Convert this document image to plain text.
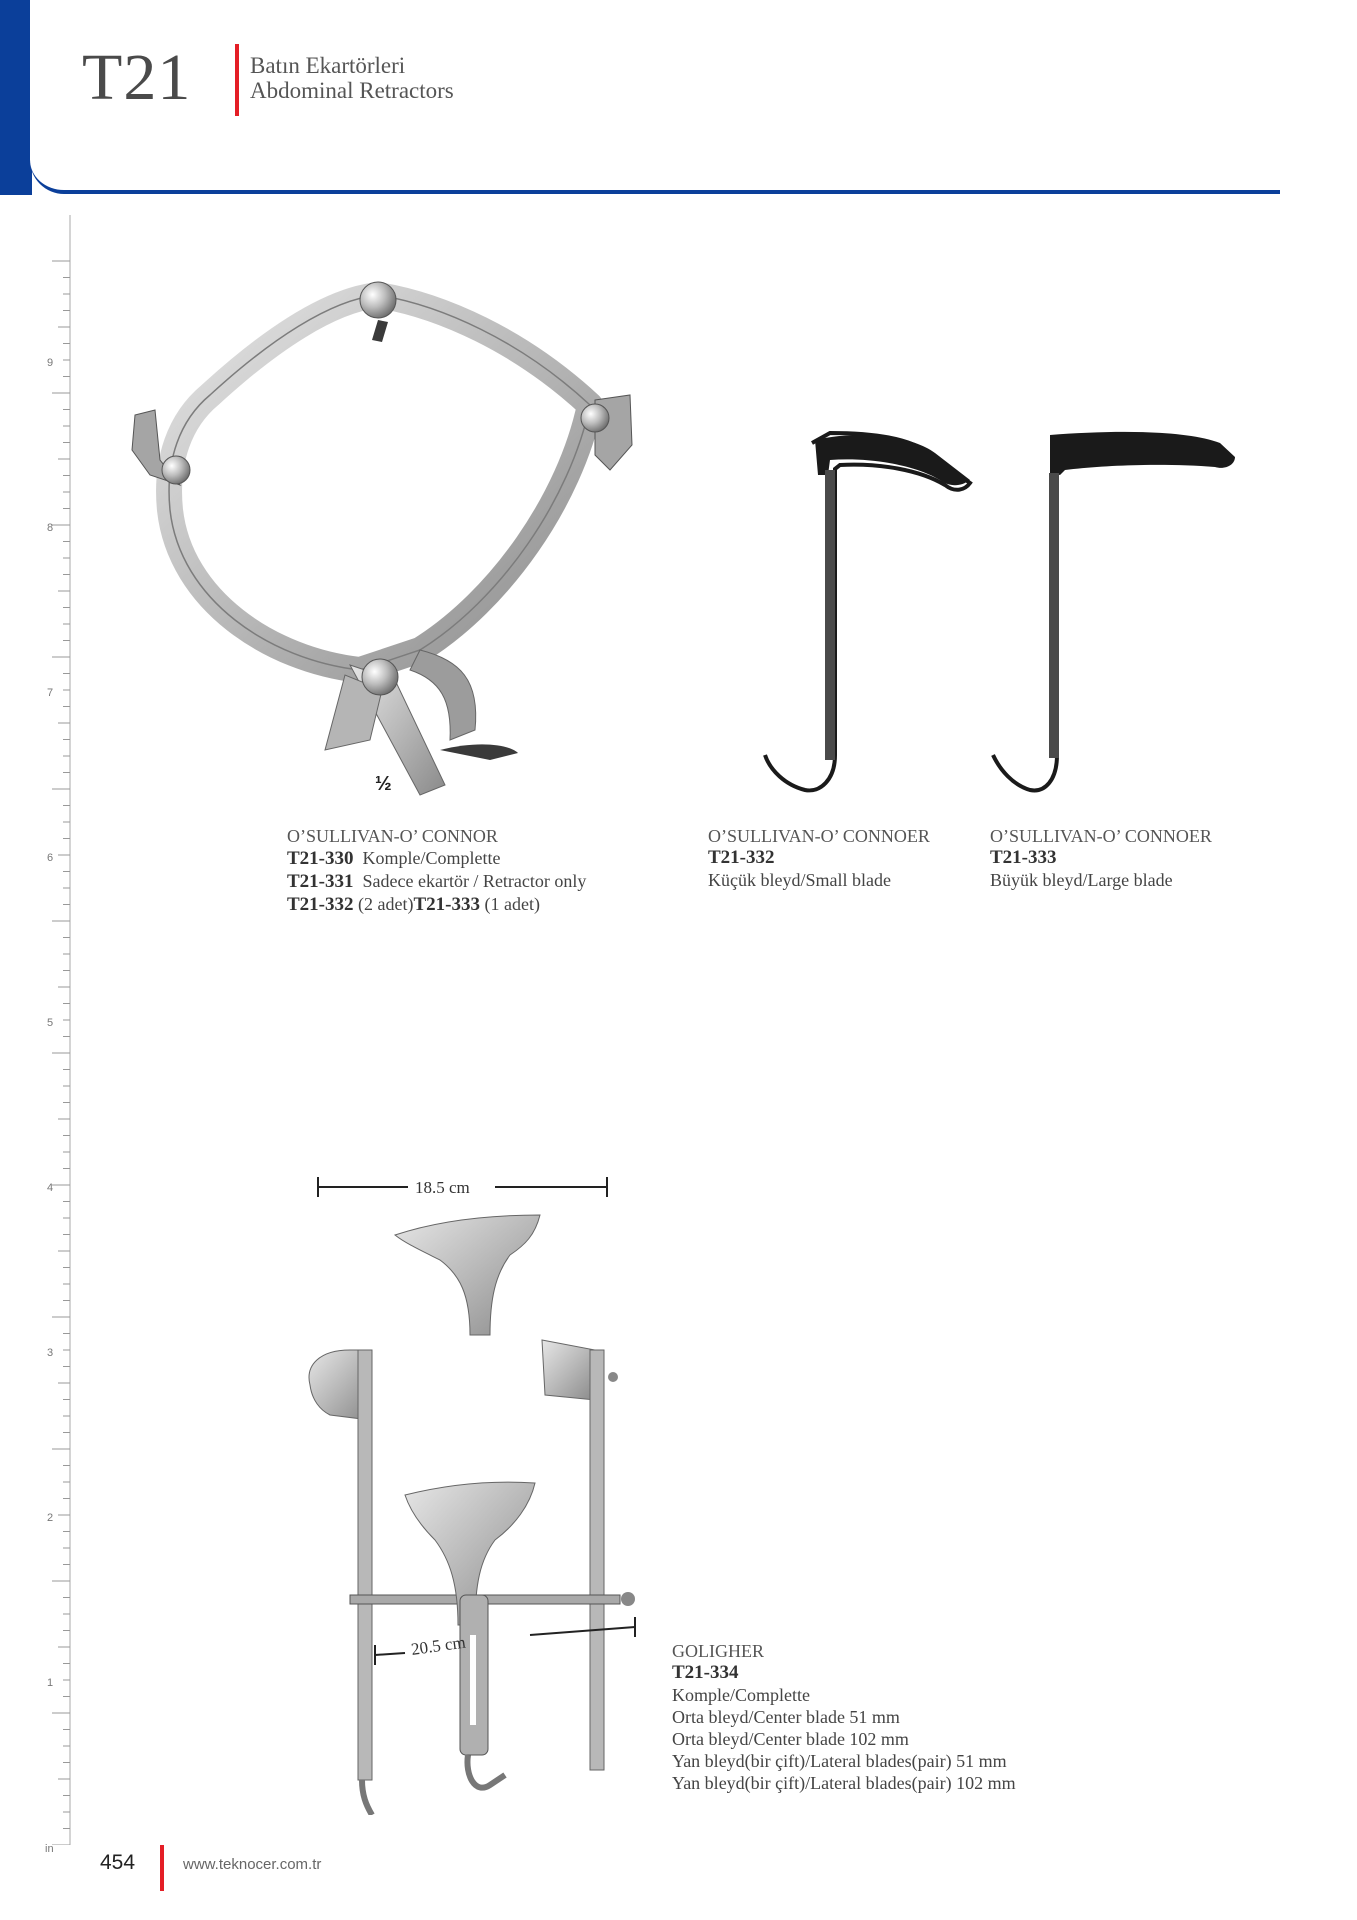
T21	Batın Ekartörleri
Abdominal Retractors
9
8
7
6
5
4
3
2
1
in
½
O’SULLIVAN-O’ CONNOR
T21-330 Komple/Complette
T21-331 Sadece ekartör / Retractor only
T21-332 (2 adet)T21-333 (1 adet)
O’SULLIVAN-O’ CONNOER
T21-332
Küçük bleyd/Small blade
O’SULLIVAN-O’ CONNOER
T21-333
Büyük bleyd/Large blade
18.5 cm
20.5 cm	GOLIGHER
T21-334
Komple/Complette
Orta bleyd/Center blade 51 mm
Orta bleyd/Center blade 102 mm
Yan bleyd(bir çift)/Lateral blades(pair) 51 mm
Yan bleyd(bir çift)/Lateral blades(pair) 102 mm
454	www.teknocer.com.tr
